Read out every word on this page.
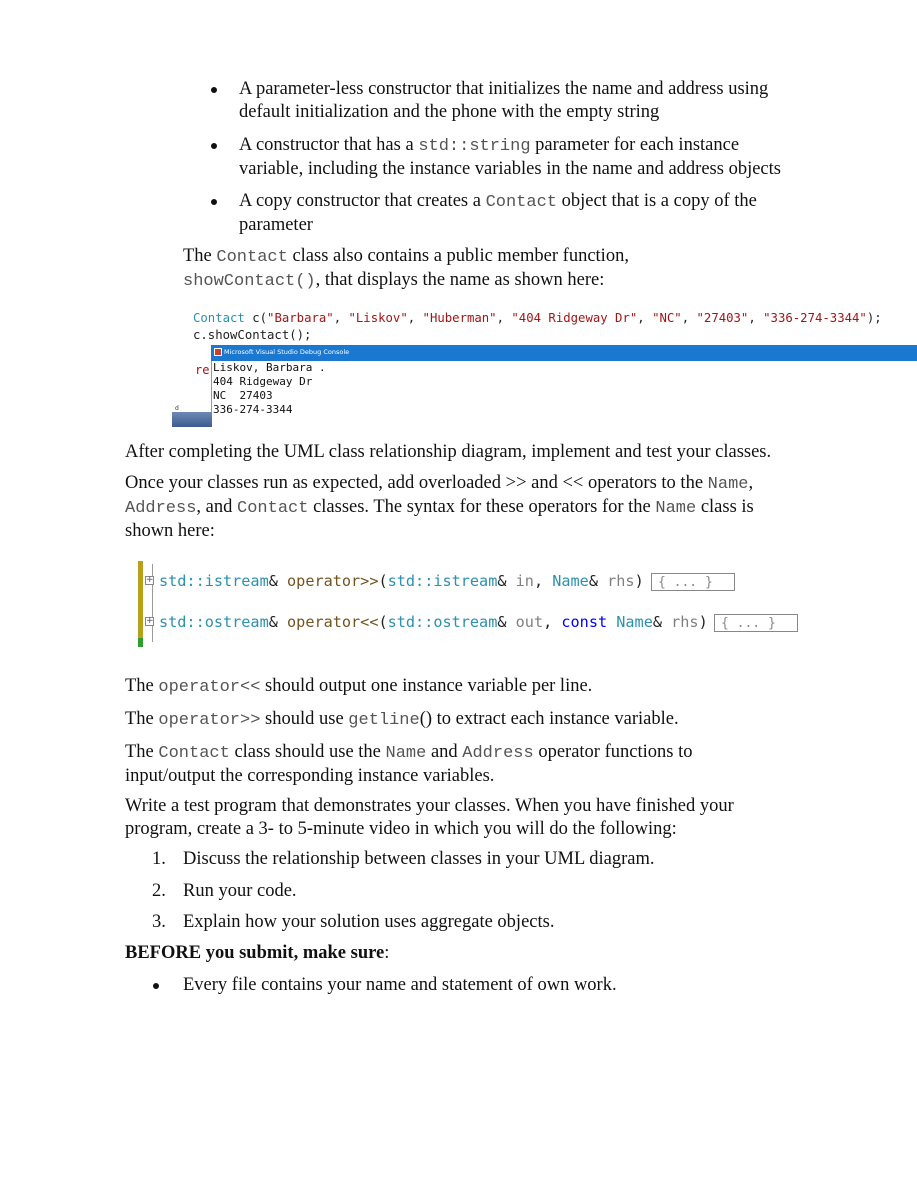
A parameter-less constructor that initializes the name and address using
default initialization and the phone with the empty string
A constructor that has a std::string parameter for each instance
variable, including the instance variables in the name and address objects
A copy constructor that creates a Contact object that is a copy of the
parameter
The Contact class also contains a public member function,
showContact(), that displays the name as shown here:
Contact c("Barbara", "Liskov", "Huberman", "404 Ridgeway Dr", "NC", "27403", "336-274-3344");
c.showContact();
re
Microsoft Visual Studio Debug Console
Liskov, Barbara .
404 Ridgeway Dr
NC  27403
336-274-3344
d
After completing the UML class relationship diagram, implement and test your classes.
Once your classes run as expected, add overloaded >> and << operators to the Name,
Address, and Contact classes. The syntax for these operators for the Name class is
shown here:
+
+
std::istream& operator>>(std::istream& in, Name& rhs)	{ ... }
std::ostream& operator<<(std::ostream& out, const Name& rhs)	{ ... }
The operator<< should output one instance variable per line.
The operator>> should use getline() to extract each instance variable.
The Contact class should use the Name and Address operator functions to
input/output the corresponding instance variables.
Write a test program that demonstrates your classes. When you have finished your
program, create a 3- to 5-minute video in which you will do the following:
1. Discuss the relationship between classes in your UML diagram.
2. Run your code.
3. Explain how your solution uses aggregate objects.
BEFORE you submit, make sure:
Every file contains your name and statement of own work.
